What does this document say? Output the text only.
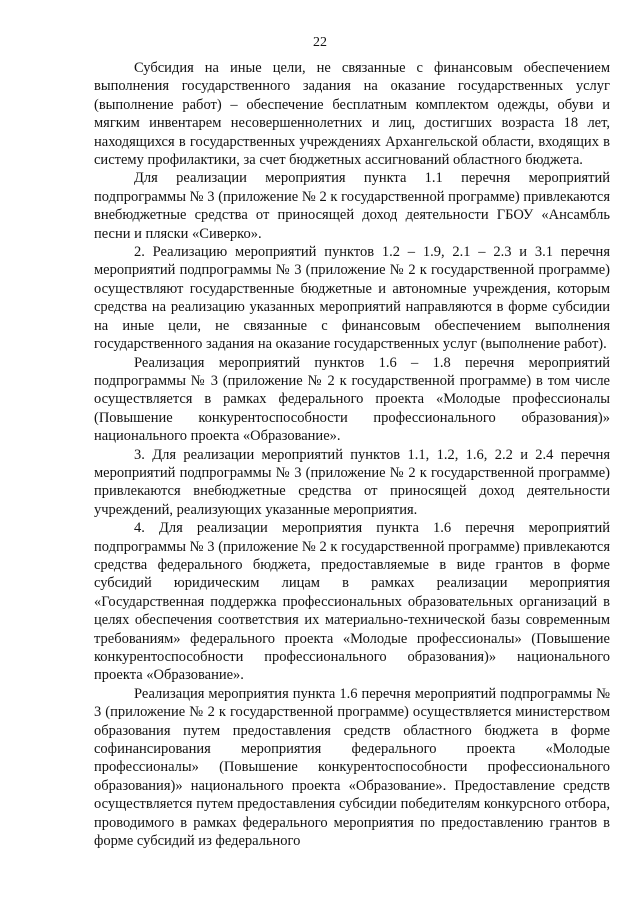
22

Субсидия на иные цели, не связанные с финансовым обеспечением выполнения государственного задания на оказание государственных услуг (выполнение работ) – обеспечение бесплатным комплектом одежды, обуви и мягким инвентарем несовершеннолетних и лиц, достигших возраста 18 лет, находящихся в государственных учреждениях Архангельской области, входящих в систему профилактики, за счет бюджетных ассигнований областного бюджета.

Для реализации мероприятия пункта 1.1 перечня мероприятий подпрограммы № 3 (приложение № 2 к государственной программе) привлекаются внебюджетные средства от приносящей доход деятельности ГБОУ «Ансамбль песни и пляски «Сиверко».

2. Реализацию мероприятий пунктов 1.2 – 1.9, 2.1 – 2.3 и 3.1 перечня мероприятий подпрограммы № 3 (приложение № 2 к государственной программе) осуществляют государственные бюджетные и автономные учреждения, которым средства на реализацию указанных мероприятий направляются в форме субсидии на иные цели, не связанные с финансовым обеспечением выполнения государственного задания на оказание государственных услуг (выполнение работ).

Реализация мероприятий пунктов 1.6 – 1.8 перечня мероприятий подпрограммы № 3 (приложение № 2 к государственной программе) в том числе осуществляется в рамках федерального проекта «Молодые профессионалы (Повышение конкурентоспособности профессионального образования)» национального проекта «Образование».

3. Для реализации мероприятий пунктов 1.1, 1.2, 1.6, 2.2 и 2.4 перечня мероприятий подпрограммы № 3 (приложение № 2 к государственной программе) привлекаются внебюджетные средства от приносящей доход деятельности учреждений, реализующих указанные мероприятия.

4. Для реализации мероприятия пункта 1.6 перечня мероприятий подпрограммы № 3 (приложение № 2 к государственной программе) привлекаются средства федерального бюджета, предоставляемые в виде грантов в форме субсидий юридическим лицам в рамках реализации мероприятия «Государственная поддержка профессиональных образовательных организаций в целях обеспечения соответствия их материально-технической базы современным требованиям» федерального проекта «Молодые профессионалы» (Повышение конкурентоспособности профессионального образования)» национального проекта «Образование».

Реализация мероприятия пункта 1.6 перечня мероприятий подпрограммы № 3 (приложение № 2 к государственной программе) осуществляется министерством образования путем предоставления средств областного бюджета в форме софинансирования мероприятия федерального проекта «Молодые профессионалы» (Повышение конкурентоспособности профессионального образования)» национального проекта «Образование». Предоставление средств осуществляется путем предоставления субсидии победителям конкурсного отбора, проводимого в рамках федерального мероприятия по предоставлению грантов в форме субсидий из федерального
